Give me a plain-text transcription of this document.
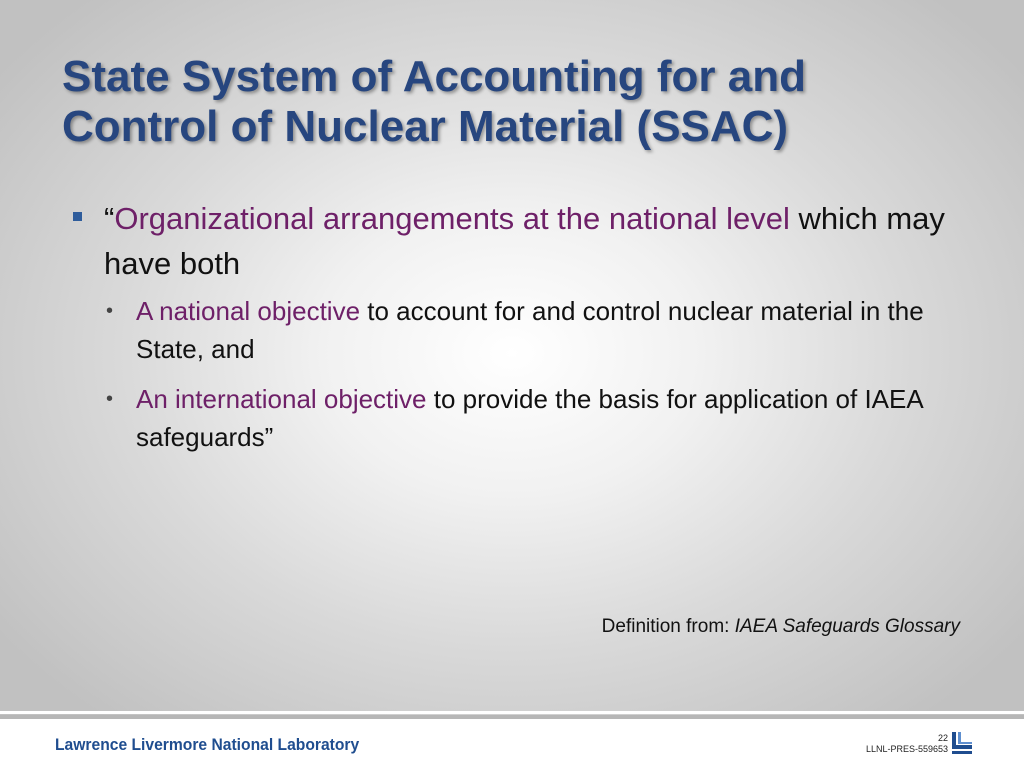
State System of Accounting for and Control of Nuclear Material (SSAC)
“Organizational arrangements at the national level which may have both
• A national objective to account for and control nuclear material in the State, and
• An international objective to provide the basis for application of IAEA safeguards”
Definition from: IAEA Safeguards Glossary
Lawrence Livermore National Laboratory	22
LLNL-PRES-559653
